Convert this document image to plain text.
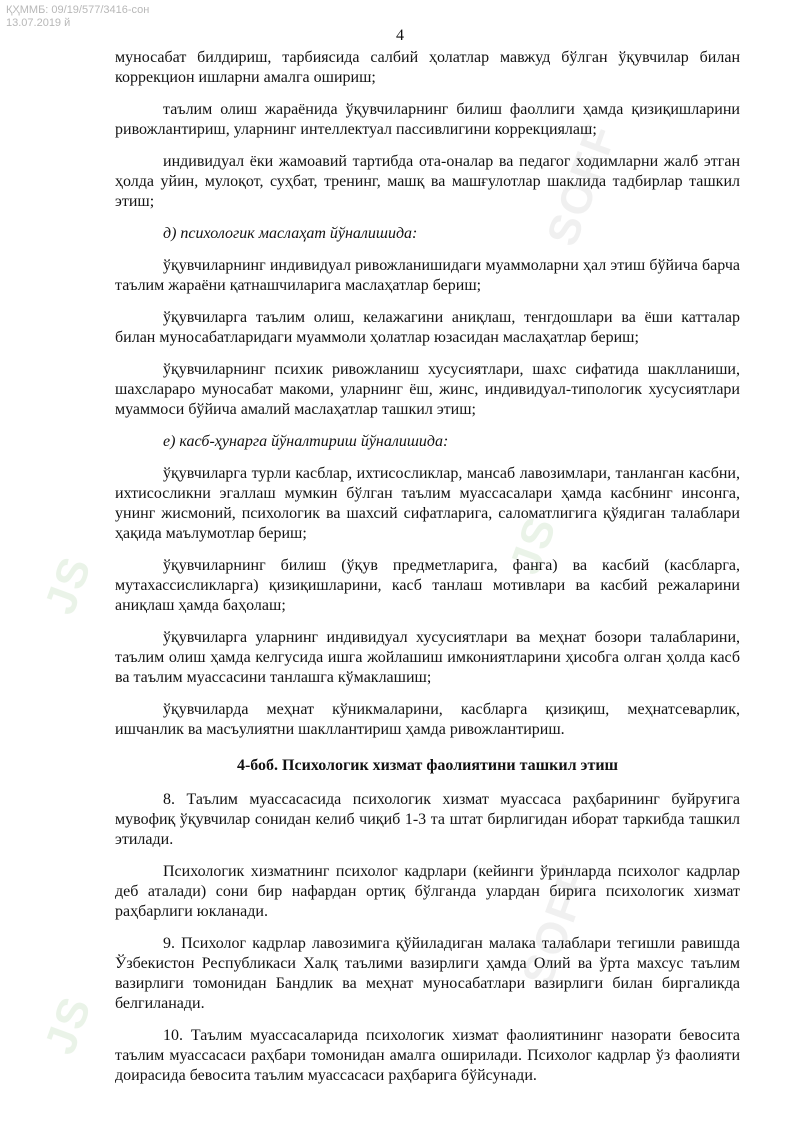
ҚҲММБ: 09/19/577/3416-сон
13.07.2019 й
JS
JS
SOFF
JS
SOFF
4

муносабат билдириш, тарбиясида салбий ҳолатлар мавжуд бўлган ўқувчилар билан коррекцион ишларни амалга ошириш;

таълим олиш жараёнида ўқувчиларнинг билиш фаоллиги ҳамда қизиқишларини ривожлантириш, уларнинг интеллектуал пассивлигини коррекциялаш;

индивидуал ёки жамоавий тартибда ота-оналар ва педагог ходимларни жалб этган ҳолда уйин, мулоқот, суҳбат, тренинг, машқ ва машғулотлар шаклида тадбирлар ташкил этиш;

д) психологик маслаҳат йўналишида:

ўқувчиларнинг индивидуал ривожланишидаги муаммоларни ҳал этиш бўйича барча таълим жараёни қатнашчиларига маслаҳатлар бериш;

ўқувчиларга таълим олиш, келажагини аниқлаш, тенгдошлари ва ёши катталар билан муносабатларидаги муаммоли ҳолатлар юзасидан маслаҳатлар бериш;

ўқувчиларнинг психик ривожланиш хусусиятлари, шахс сифатида шаклланиши, шахслараро муносабат макоми, уларнинг ёш, жинс, индивидуал-типологик хусусиятлари муаммоси бўйича амалий маслаҳатлар ташкил этиш;

е) касб-ҳунарга йўналтириш йўналишида:

ўқувчиларга турли касблар, ихтисосликлар, мансаб лавозимлари, танланган касбни, ихтисосликни эгаллаш мумкин бўлган таълим муассасалари ҳамда касбнинг инсонга, унинг жисмоний, психологик ва шахсий сифатларига, саломатлигига қўядиган талаблари ҳақида маълумотлар бериш;

ўқувчиларнинг билиш (ўқув предметларига, фанга) ва касбий (касбларга, мутахассисликларга) қизиқишларини, касб танлаш мотивлари ва касбий режаларини аниқлаш ҳамда баҳолаш;

ўқувчиларга уларнинг индивидуал хусусиятлари ва меҳнат бозори талабларини, таълим олиш ҳамда келгусида ишга жойлашиш имкониятларини ҳисобга олган ҳолда касб ва таълим муассасини танлашга кўмаклашиш;

ўқувчиларда меҳнат кўникмаларини, касбларга қизиқиш, меҳнатсеварлик, ишчанлик ва масъулиятни шакллантириш ҳамда ривожлантириш.

4-боб. Психологик хизмат фаолиятини ташкил этиш

8. Таълим муассасасида психологик хизмат муассаса раҳбарининг буйруғига мувофиқ ўқувчилар сонидан келиб чиқиб 1-3 та штат бирлигидан иборат таркибда ташкил этилади.

Психологик хизматнинг психолог кадрлари (кейинги ўринларда психолог кадрлар деб аталади) сони бир нафардан ортиқ бўлганда улардан бирига психологик хизмат раҳбарлиги юкланади.

9. Психолог кадрлар лавозимига қўйиладиган малака талаблари тегишли равишда Ўзбекистон Республикаси Халқ таълими вазирлиги ҳамда Олий ва ўрта махсус таълим вазирлиги томонидан Бандлик ва меҳнат муносабатлари вазирлиги билан биргаликда белгиланади.

10. Таълим муассасаларида психологик хизмат фаолиятининг назорати бевосита таълим муассасаси раҳбари томонидан амалга оширилади. Психолог кадрлар ўз фаолияти доирасида бевосита таълим муассасаси раҳбарига бўйсунади.
